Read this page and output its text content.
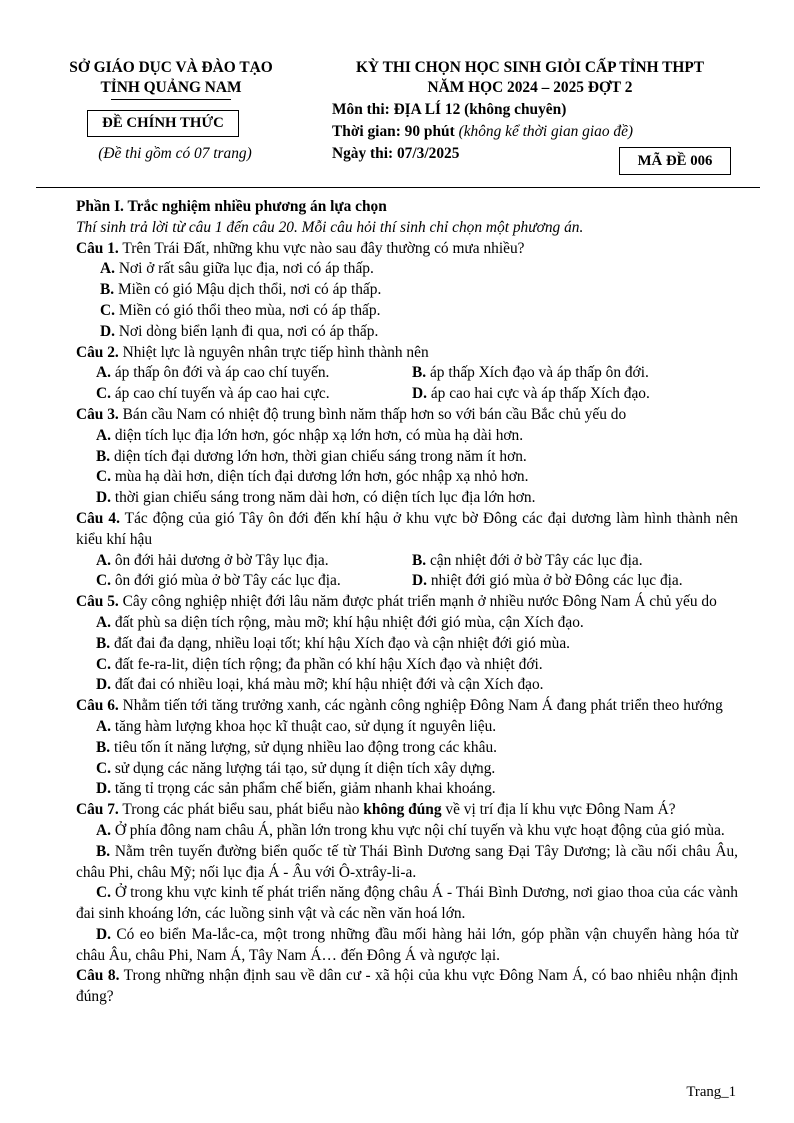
SỞ GIÁO DỤC VÀ ĐÀO TẠO
TỈNH QUẢNG NAM
ĐỀ CHÍNH THỨC
(Đề thi gồm có 07 trang)
KỲ THI CHỌN HỌC SINH GIỎI CẤP TỈNH THPT
NĂM HỌC 2024 – 2025 ĐỢT 2
Môn thi: ĐỊA LÍ 12 (không chuyên)
Thời gian: 90 phút (không kể thời gian giao đề)
Ngày thi: 07/3/2025	MÃ ĐỀ 006

Phần I. Trắc nghiệm nhiều phương án lựa chọn

Thí sinh trả lời từ câu 1 đến câu 20. Mỗi câu hỏi thí sinh chỉ chọn một phương án.

Câu 1. Trên Trái Đất, những khu vực nào sau đây thường có mưa nhiều?

A. Nơi ở rất sâu giữa lục địa, nơi có áp thấp.

B. Miền có gió Mậu dịch thổi, nơi có áp thấp.

C. Miền có gió thổi theo mùa, nơi có áp thấp.

D. Nơi dòng biển lạnh đi qua, nơi có áp thấp.

Câu 2. Nhiệt lực là nguyên nhân trực tiếp hình thành nên

A. áp thấp ôn đới và áp cao chí tuyến.	B. áp thấp Xích đạo và áp thấp ôn đới.
C. áp cao chí tuyến và áp cao hai cực.	D. áp cao hai cực và áp thấp Xích đạo.

Câu 3. Bán cầu Nam có nhiệt độ trung bình năm thấp hơn so với bán cầu Bắc chủ yếu do

A. diện tích lục địa lớn hơn, góc nhập xạ lớn hơn, có mùa hạ dài hơn.

B. diện tích đại dương lớn hơn, thời gian chiếu sáng trong năm ít hơn.

C. mùa hạ dài hơn, diện tích đại dương lớn hơn, góc nhập xạ nhỏ hơn.

D. thời gian chiếu sáng trong năm dài hơn, có diện tích lục địa lớn hơn.

Câu 4. Tác động của gió Tây ôn đới đến khí hậu ở khu vực bờ Đông các đại dương làm hình thành nên kiểu khí hậu

A. ôn đới hải dương ở bờ Tây lục địa.	B. cận nhiệt đới ở bờ Tây các lục địa.
C. ôn đới gió mùa ở bờ Tây các lục địa.	D. nhiệt đới gió mùa ở bờ Đông các lục địa.

Câu 5. Cây công nghiệp nhiệt đới lâu năm được phát triển mạnh ở nhiều nước Đông Nam Á chủ yếu do

A. đất phù sa diện tích rộng, màu mỡ; khí hậu nhiệt đới gió mùa, cận Xích đạo.

B. đất đai đa dạng, nhiều loại tốt; khí hậu Xích đạo và cận nhiệt đới gió mùa.

C. đất fe-ra-lit, diện tích rộng; đa phần có khí hậu Xích đạo và nhiệt đới.

D. đất đai có nhiều loại, khá màu mỡ; khí hậu nhiệt đới và cận Xích đạo.

Câu 6. Nhằm tiến tới tăng trưởng xanh, các ngành công nghiệp Đông Nam Á đang phát triển theo hướng

A. tăng hàm lượng khoa học kĩ thuật cao, sử dụng ít nguyên liệu.

B. tiêu tốn ít năng lượng, sử dụng nhiều lao động trong các khâu.

C. sử dụng các năng lượng tái tạo, sử dụng ít diện tích xây dựng.

D. tăng tỉ trọng các sản phẩm chế biến, giảm nhanh khai khoáng.

Câu 7. Trong các phát biểu sau, phát biểu nào không đúng về vị trí địa lí khu vực Đông Nam Á?

A. Ở phía đông nam châu Á, phần lớn trong khu vực nội chí tuyến và khu vực hoạt động của gió mùa.

B. Nằm trên tuyến đường biển quốc tế từ Thái Bình Dương sang Đại Tây Dương; là cầu nối châu Âu, châu Phi, châu Mỹ; nối lục địa Á - Âu với Ô-xtrây-li-a.

C. Ở trong khu vực kinh tế phát triển năng động châu Á - Thái Bình Dương, nơi giao thoa của các vành đai sinh khoáng lớn, các luồng sinh vật và các nền văn hoá lớn.

D. Có eo biển Ma-lắc-ca, một trong những đầu mối hàng hải lớn, góp phần vận chuyển hàng hóa từ châu Âu, châu Phi, Nam Á, Tây Nam Á… đến Đông Á và ngược lại.

Câu 8. Trong những nhận định sau về dân cư - xã hội của khu vực Đông Nam Á, có bao nhiêu nhận định đúng?

Trang_1
